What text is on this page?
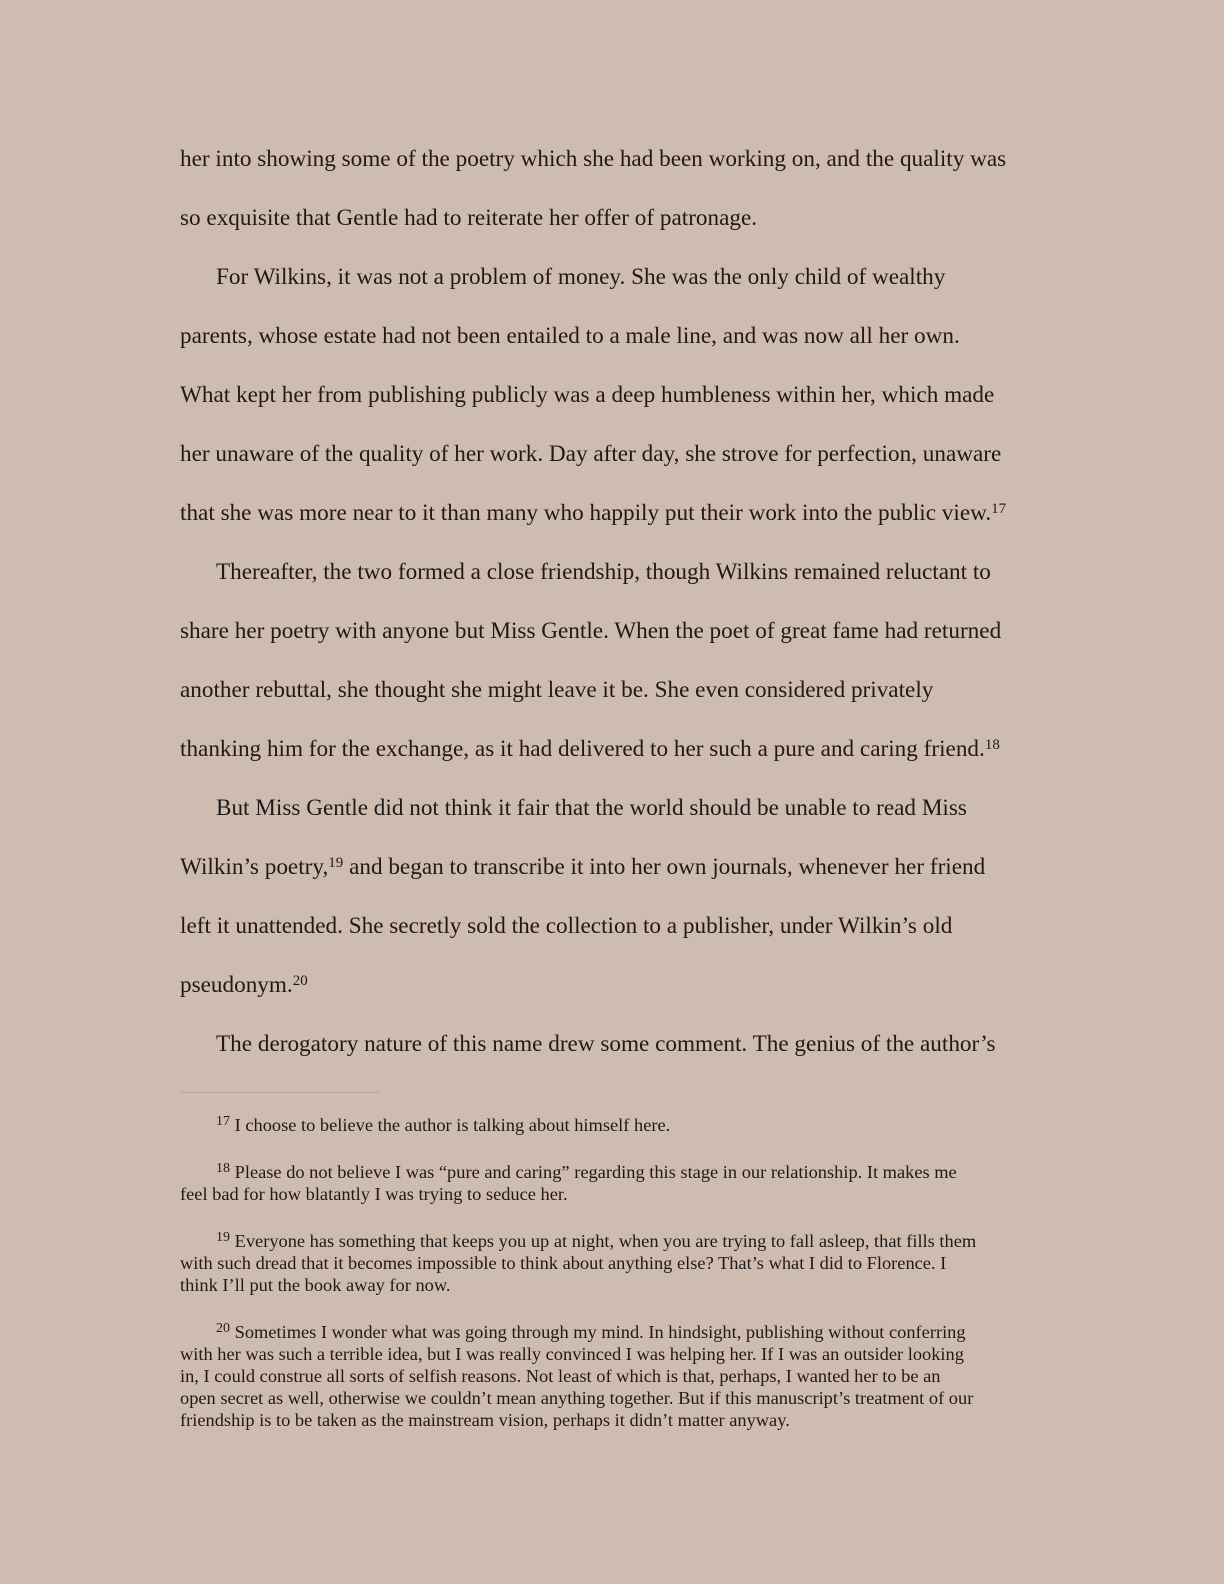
her into showing some of the poetry which she had been working on, and the quality was
so exquisite that Gentle had to reiterate her offer of patronage.
For Wilkins, it was not a problem of money. She was the only child of wealthy
parents, whose estate had not been entailed to a male line, and was now all her own.
What kept her from publishing publicly was a deep humbleness within her, which made
her unaware of the quality of her work. Day after day, she strove for perfection, unaware
that she was more near to it than many who happily put their work into the public view.$^{17}$
Thereafter, the two formed a close friendship, though Wilkins remained reluctant to
share her poetry with anyone but Miss Gentle. When the poet of great fame had returned
another rebuttal, she thought she might leave it be. She even considered privately
thanking him for the exchange, as it had delivered to her such a pure and caring friend.$^{18}$
But Miss Gentle did not think it fair that the world should be unable to read Miss
Wilkin’s poetry,$^{19}$ and began to transcribe it into her own journals, whenever her friend
left it unattended. She secretly sold the collection to a publisher, under Wilkin’s old
pseudonym.$^{20}$
The derogatory nature of this name drew some comment. The genius of the author’s
$^{17}$ I choose to believe the author is talking about himself here.
$^{18}$ Please do not believe I was “pure and caring” regarding this stage in our relationship. It makes me
feel bad for how blatantly I was trying to seduce her.
$^{19}$ Everyone has something that keeps you up at night, when you are trying to fall asleep, that fills them
with such dread that it becomes impossible to think about anything else? That’s what I did to Florence. I
think I’ll put the book away for now.
$^{20}$ Sometimes I wonder what was going through my mind. In hindsight, publishing without conferring
with her was such a terrible idea, but I was really convinced I was helping her. If I was an outsider looking
in, I could construe all sorts of selfish reasons. Not least of which is that, perhaps, I wanted her to be an
open secret as well, otherwise we couldn’t mean anything together. But if this manuscript’s treatment of our
friendship is to be taken as the mainstream vision, perhaps it didn’t matter anyway.
